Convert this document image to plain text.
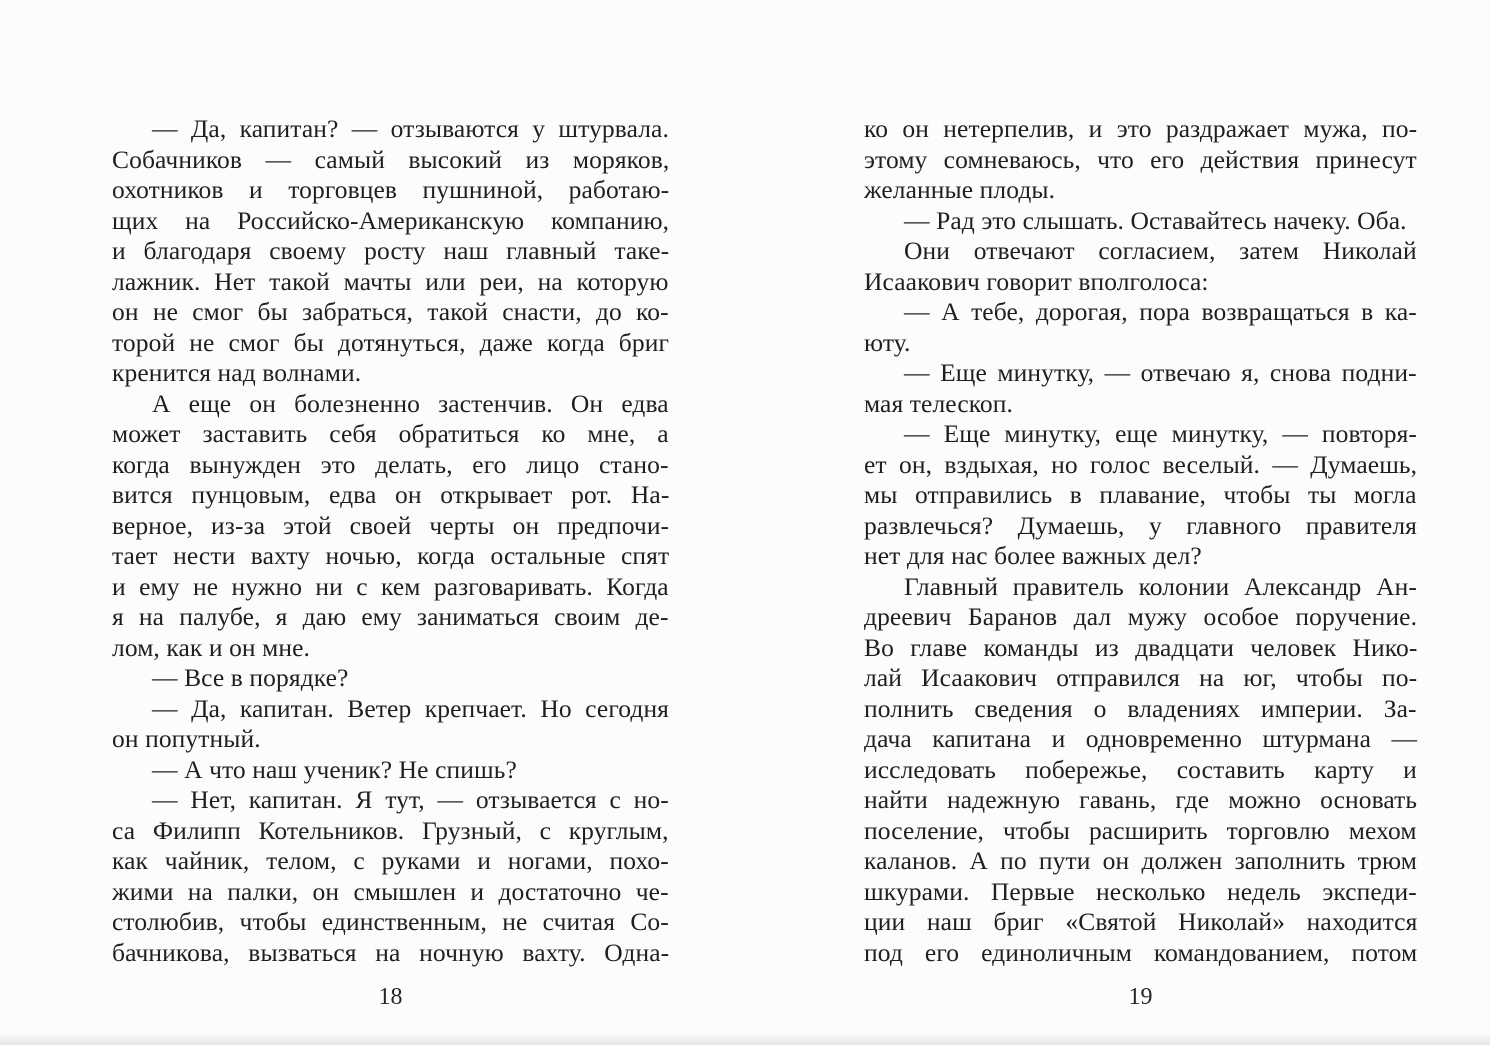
— Да, капитан? — отзываются у штурвала.
Собачников — самый высокий из моряков,
охотников и торговцев пушниной, работаю-
щих на Российско-Американскую компанию,
и благодаря своему росту наш главный таке-
лажник. Нет такой мачты или реи, на которую
он не смог бы забраться, такой снасти, до ко-
торой не смог бы дотянуться, даже когда бриг
кренится над волнами.
А еще он болезненно застенчив. Он едва
может заставить себя обратиться ко мне, а
когда вынужден это делать, его лицо стано-
вится пунцовым, едва он открывает рот. На-
верное, из-за этой своей черты он предпочи-
тает нести вахту ночью, когда остальные спят
и ему не нужно ни с кем разговаривать. Когда
я на палубе, я даю ему заниматься своим де-
лом, как и он мне.
— Все в порядке?
— Да, капитан. Ветер крепчает. Но сегодня
он попутный.
— А что наш ученик? Не спишь?
— Нет, капитан. Я тут, — отзывается с но-
са Филипп Котельников. Грузный, с круглым,
как чайник, телом, с руками и ногами, похо-
жими на палки, он смышлен и достаточно че-
столюбив, чтобы единственным, не считая Со-
бачникова, вызваться на ночную вахту. Одна-
18
ко он нетерпелив, и это раздражает мужа, по-
этому сомневаюсь, что его действия принесут
желанные плоды.
— Рад это слышать. Оставайтесь начеку. Оба.
Они отвечают согласием, затем Николай
Исаакович говорит вполголоса:
— А тебе, дорогая, пора возвращаться в ка-
юту.
— Еще минутку, — отвечаю я, снова подни-
мая телескоп.
— Еще минутку, еще минутку, — повторя-
ет он, вздыхая, но голос веселый. — Думаешь,
мы отправились в плавание, чтобы ты могла
развлечься? Думаешь, у главного правителя
нет для нас более важных дел?
Главный правитель колонии Александр Ан-
дреевич Баранов дал мужу особое поручение.
Во главе команды из двадцати человек Нико-
лай Исаакович отправился на юг, чтобы по-
полнить сведения о владениях империи. За-
дача капитана и одновременно штурмана —
исследовать побережье, составить карту и
найти надежную гавань, где можно основать
поселение, чтобы расширить торговлю мехом
каланов. А по пути он должен заполнить трюм
шкурами. Первые несколько недель экспеди-
ции наш бриг «Святой Николай» находится
под его единоличным командованием, потом
19
